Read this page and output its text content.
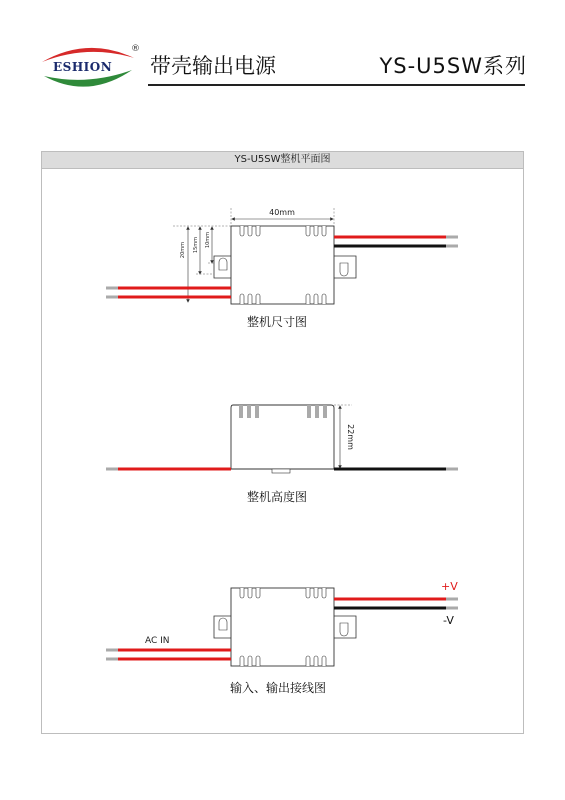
ESHION
®
带壳输出电源	YS-U5SW系列
YS-U5SW整机平面图
40mm
20mm 15mm 10mm
22mm
AC IN
+V
-V
整机尺寸图
整机高度图
输入、输出接线图
